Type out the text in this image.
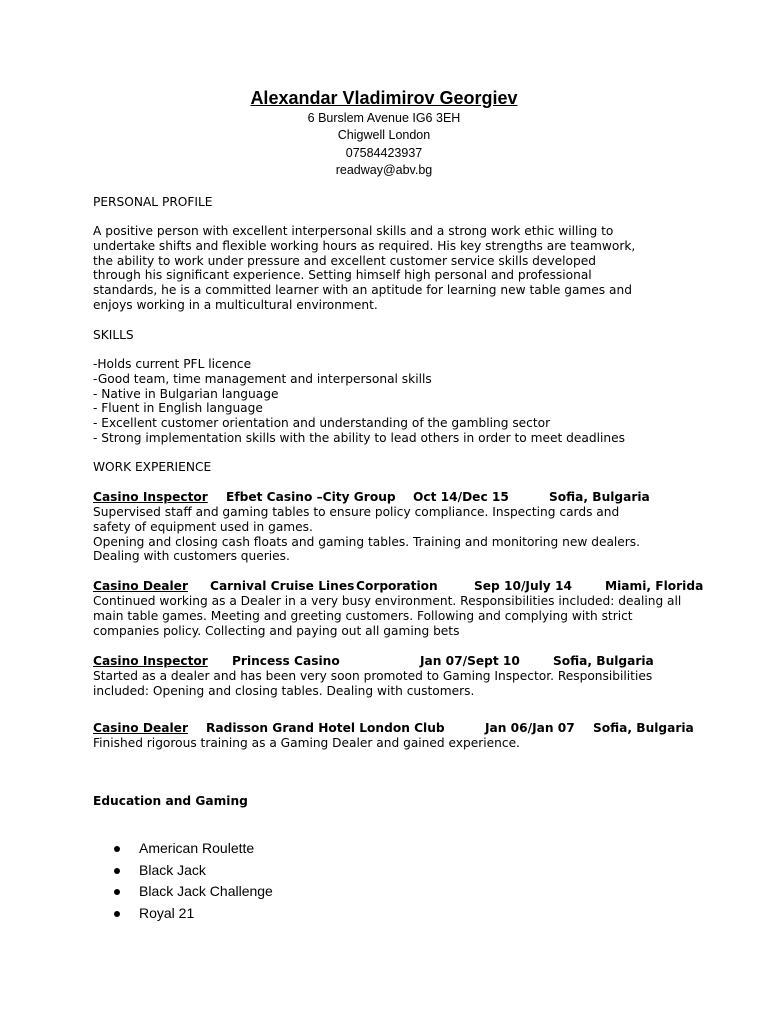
Alexandar Vladimirov Georgiev
6 Burslem Avenue IG6 3EH
Chigwell London
07584423937
readway@abv.bg
PERSONAL PROFILE
A positive person with excellent interpersonal skills and a strong work ethic willing to
undertake shifts and flexible working hours as required. His key strengths are teamwork,
the ability to work under pressure and excellent customer service skills developed
through his significant experience. Setting himself high personal and professional
standards, he is a committed learner with an aptitude for learning new table games and
enjoys working in a multicultural environment.
SKILLS
-Holds current PFL licence
-Good team, time management and interpersonal skills
- Native in Bulgarian language
- Fluent in English language
- Excellent customer orientation and understanding of the gambling sector
- Strong implementation skills with the ability to lead others in order to meet deadlines
WORK EXPERIENCE
Casino Inspector Efbet Casino –City Group Oct 14/Dec 15	Sofia, Bulgaria
Supervised staff and gaming tables to ensure policy compliance. Inspecting cards and
safety of equipment used in games.
Opening and closing cash floats and gaming tables. Training and monitoring new dealers.
Dealing with customers queries.
Casino Dealer Carnival Cruise Lines Corporation	Sep 10/July 14	Miami, Florida
Continued working as a Dealer in a very busy environment. Responsibilities included: dealing all
main table games. Meeting and greeting customers. Following and complying with strict
companies policy. Collecting and paying out all gaming bets
Casino Inspector Princess Casino	Jan 07/Sept 10	Sofia, Bulgaria
Started as a dealer and has been very soon promoted to Gaming Inspector. Responsibilities
included: Opening and closing tables. Dealing with customers.
Casino Dealer Radisson Grand Hotel London Club	Jan 06/Jan 07 Sofia, Bulgaria
Finished rigorous training as a Gaming Dealer and gained experience.
Education and Gaming
American Roulette
Black Jack
Black Jack Challenge
Royal 21
